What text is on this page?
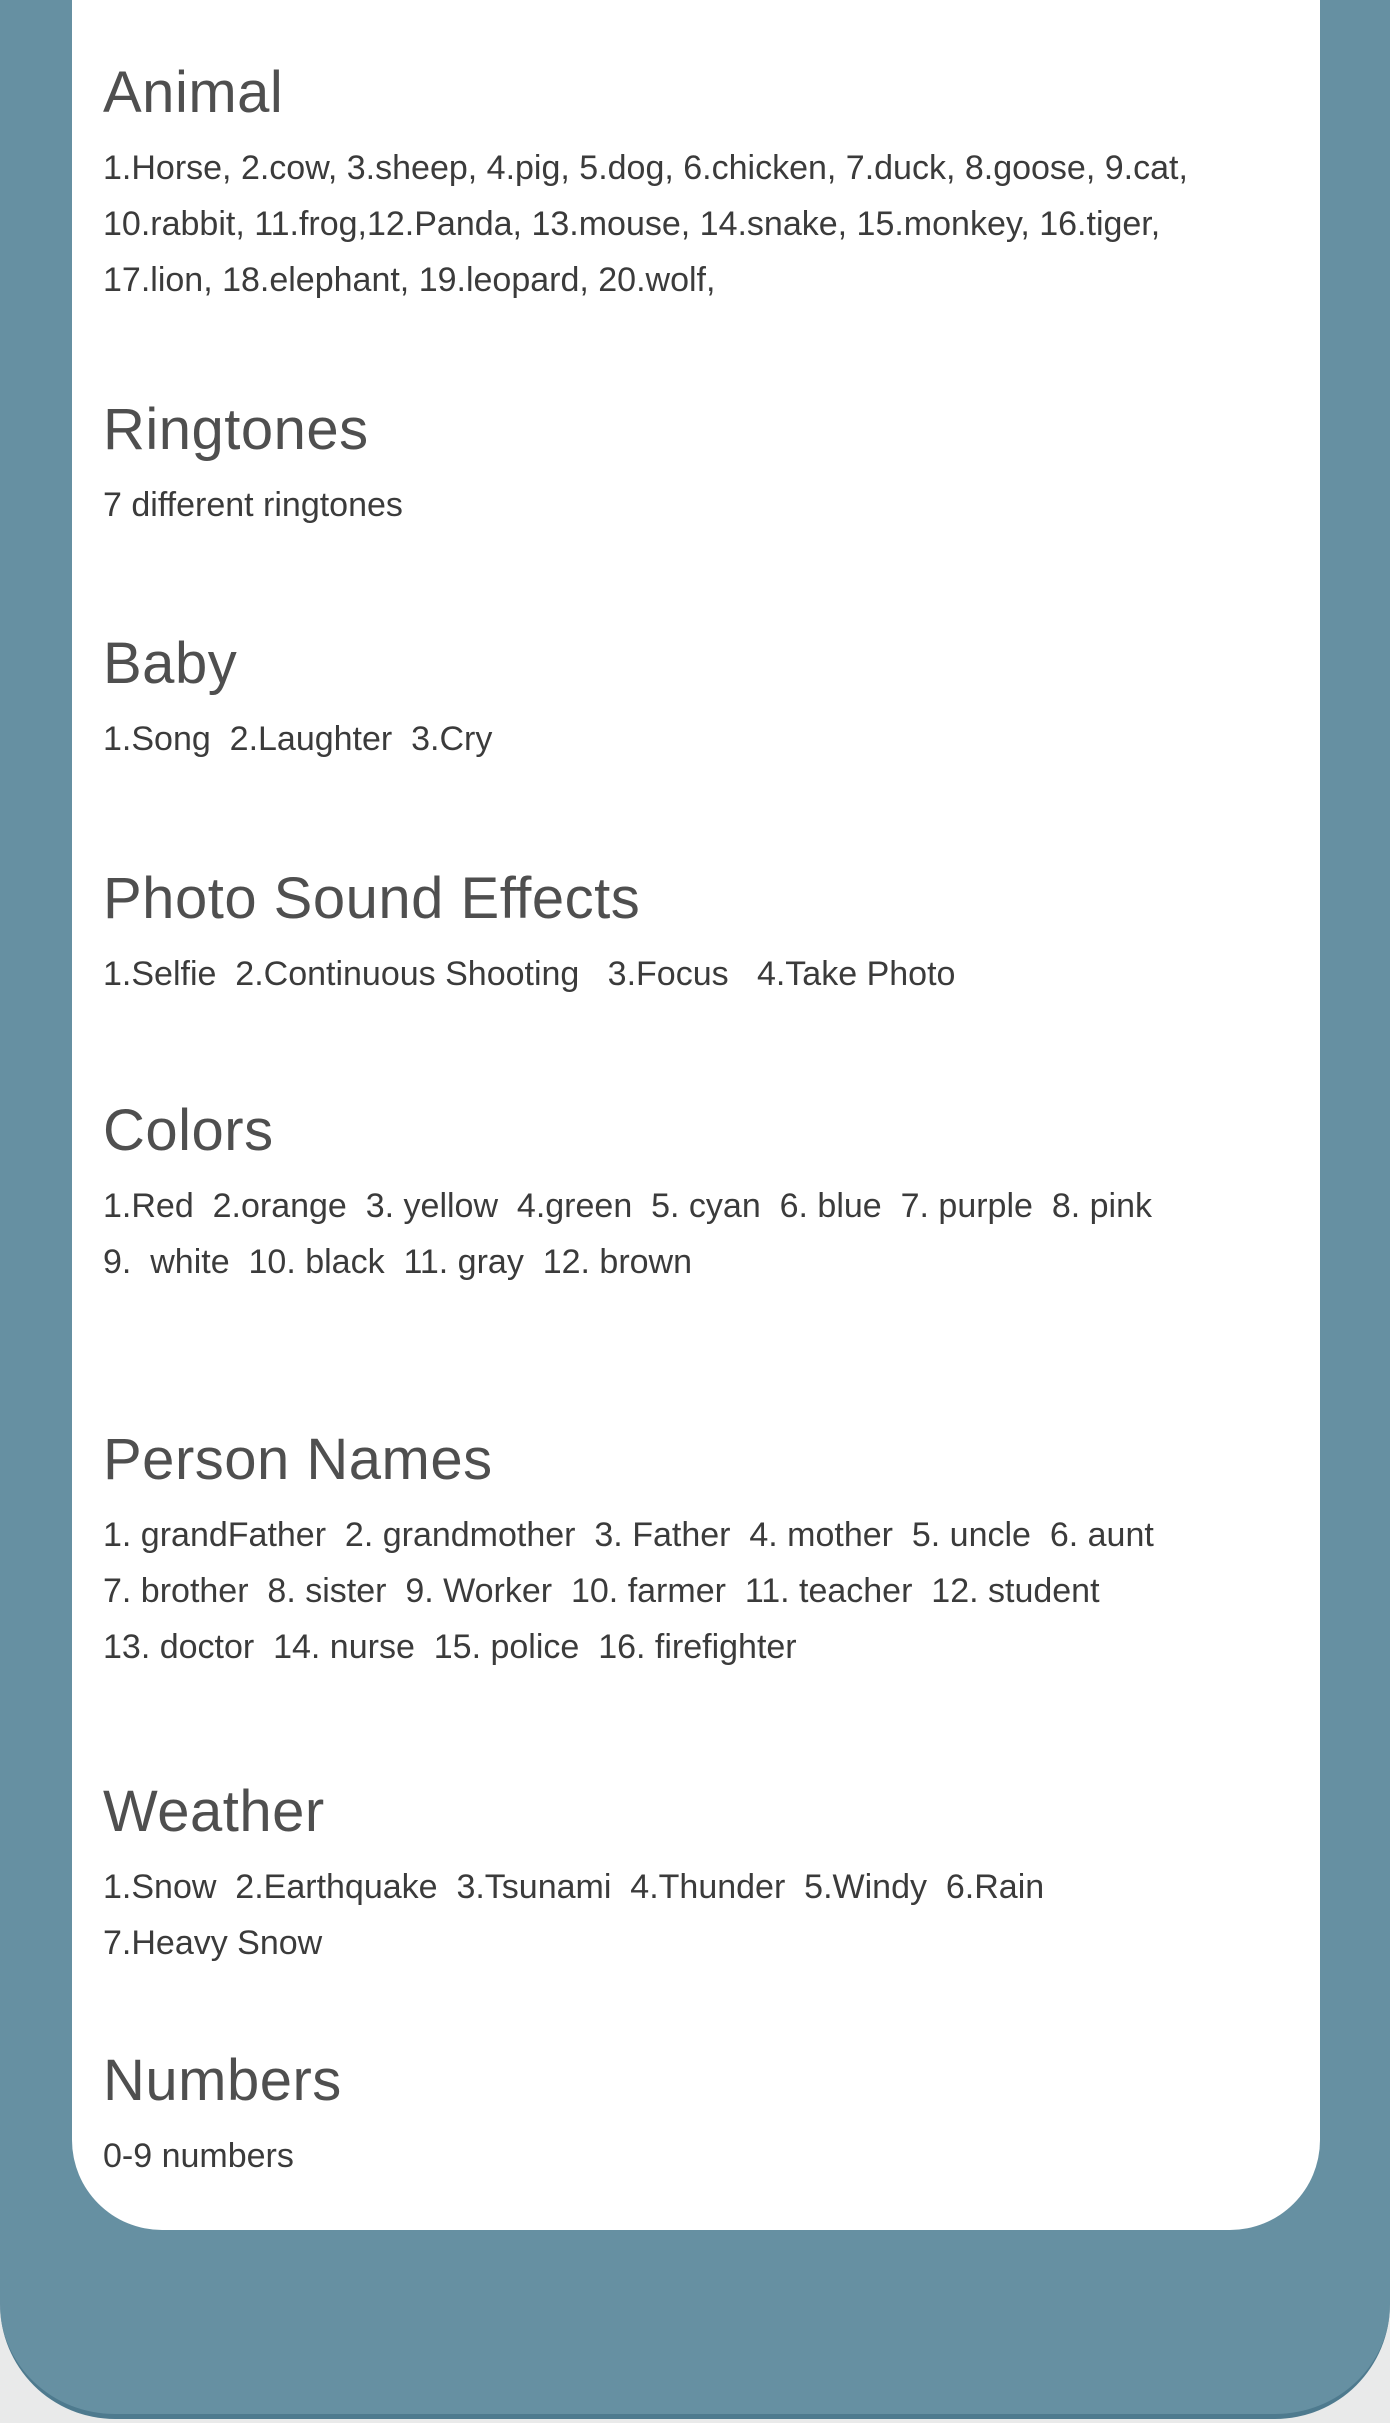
Animal
1.Horse, 2.cow, 3.sheep, 4.pig, 5.dog, 6.chicken, 7.duck, 8.goose, 9.cat,
10.rabbit, 11.frog,12.Panda, 13.mouse, 14.snake, 15.monkey, 16.tiger,
17.lion, 18.elephant, 19.leopard, 20.wolf,
Ringtones
7 different ringtones
Baby
1.Song  2.Laughter  3.Cry
Photo Sound Effects
1.Selfie  2.Continuous Shooting   3.Focus   4.Take Photo
Colors
1.Red  2.orange  3. yellow  4.green  5. cyan  6. blue  7. purple  8. pink
9.  white  10. black  11. gray  12. brown
Person Names
1. grandFather  2. grandmother  3. Father  4. mother  5. uncle  6. aunt
7. brother  8. sister  9. Worker  10. farmer  11. teacher  12. student
13. doctor  14. nurse  15. police  16. firefighter
Weather
1.Snow  2.Earthquake  3.Tsunami  4.Thunder  5.Windy  6.Rain
7.Heavy Snow
Numbers
0-9 numbers
